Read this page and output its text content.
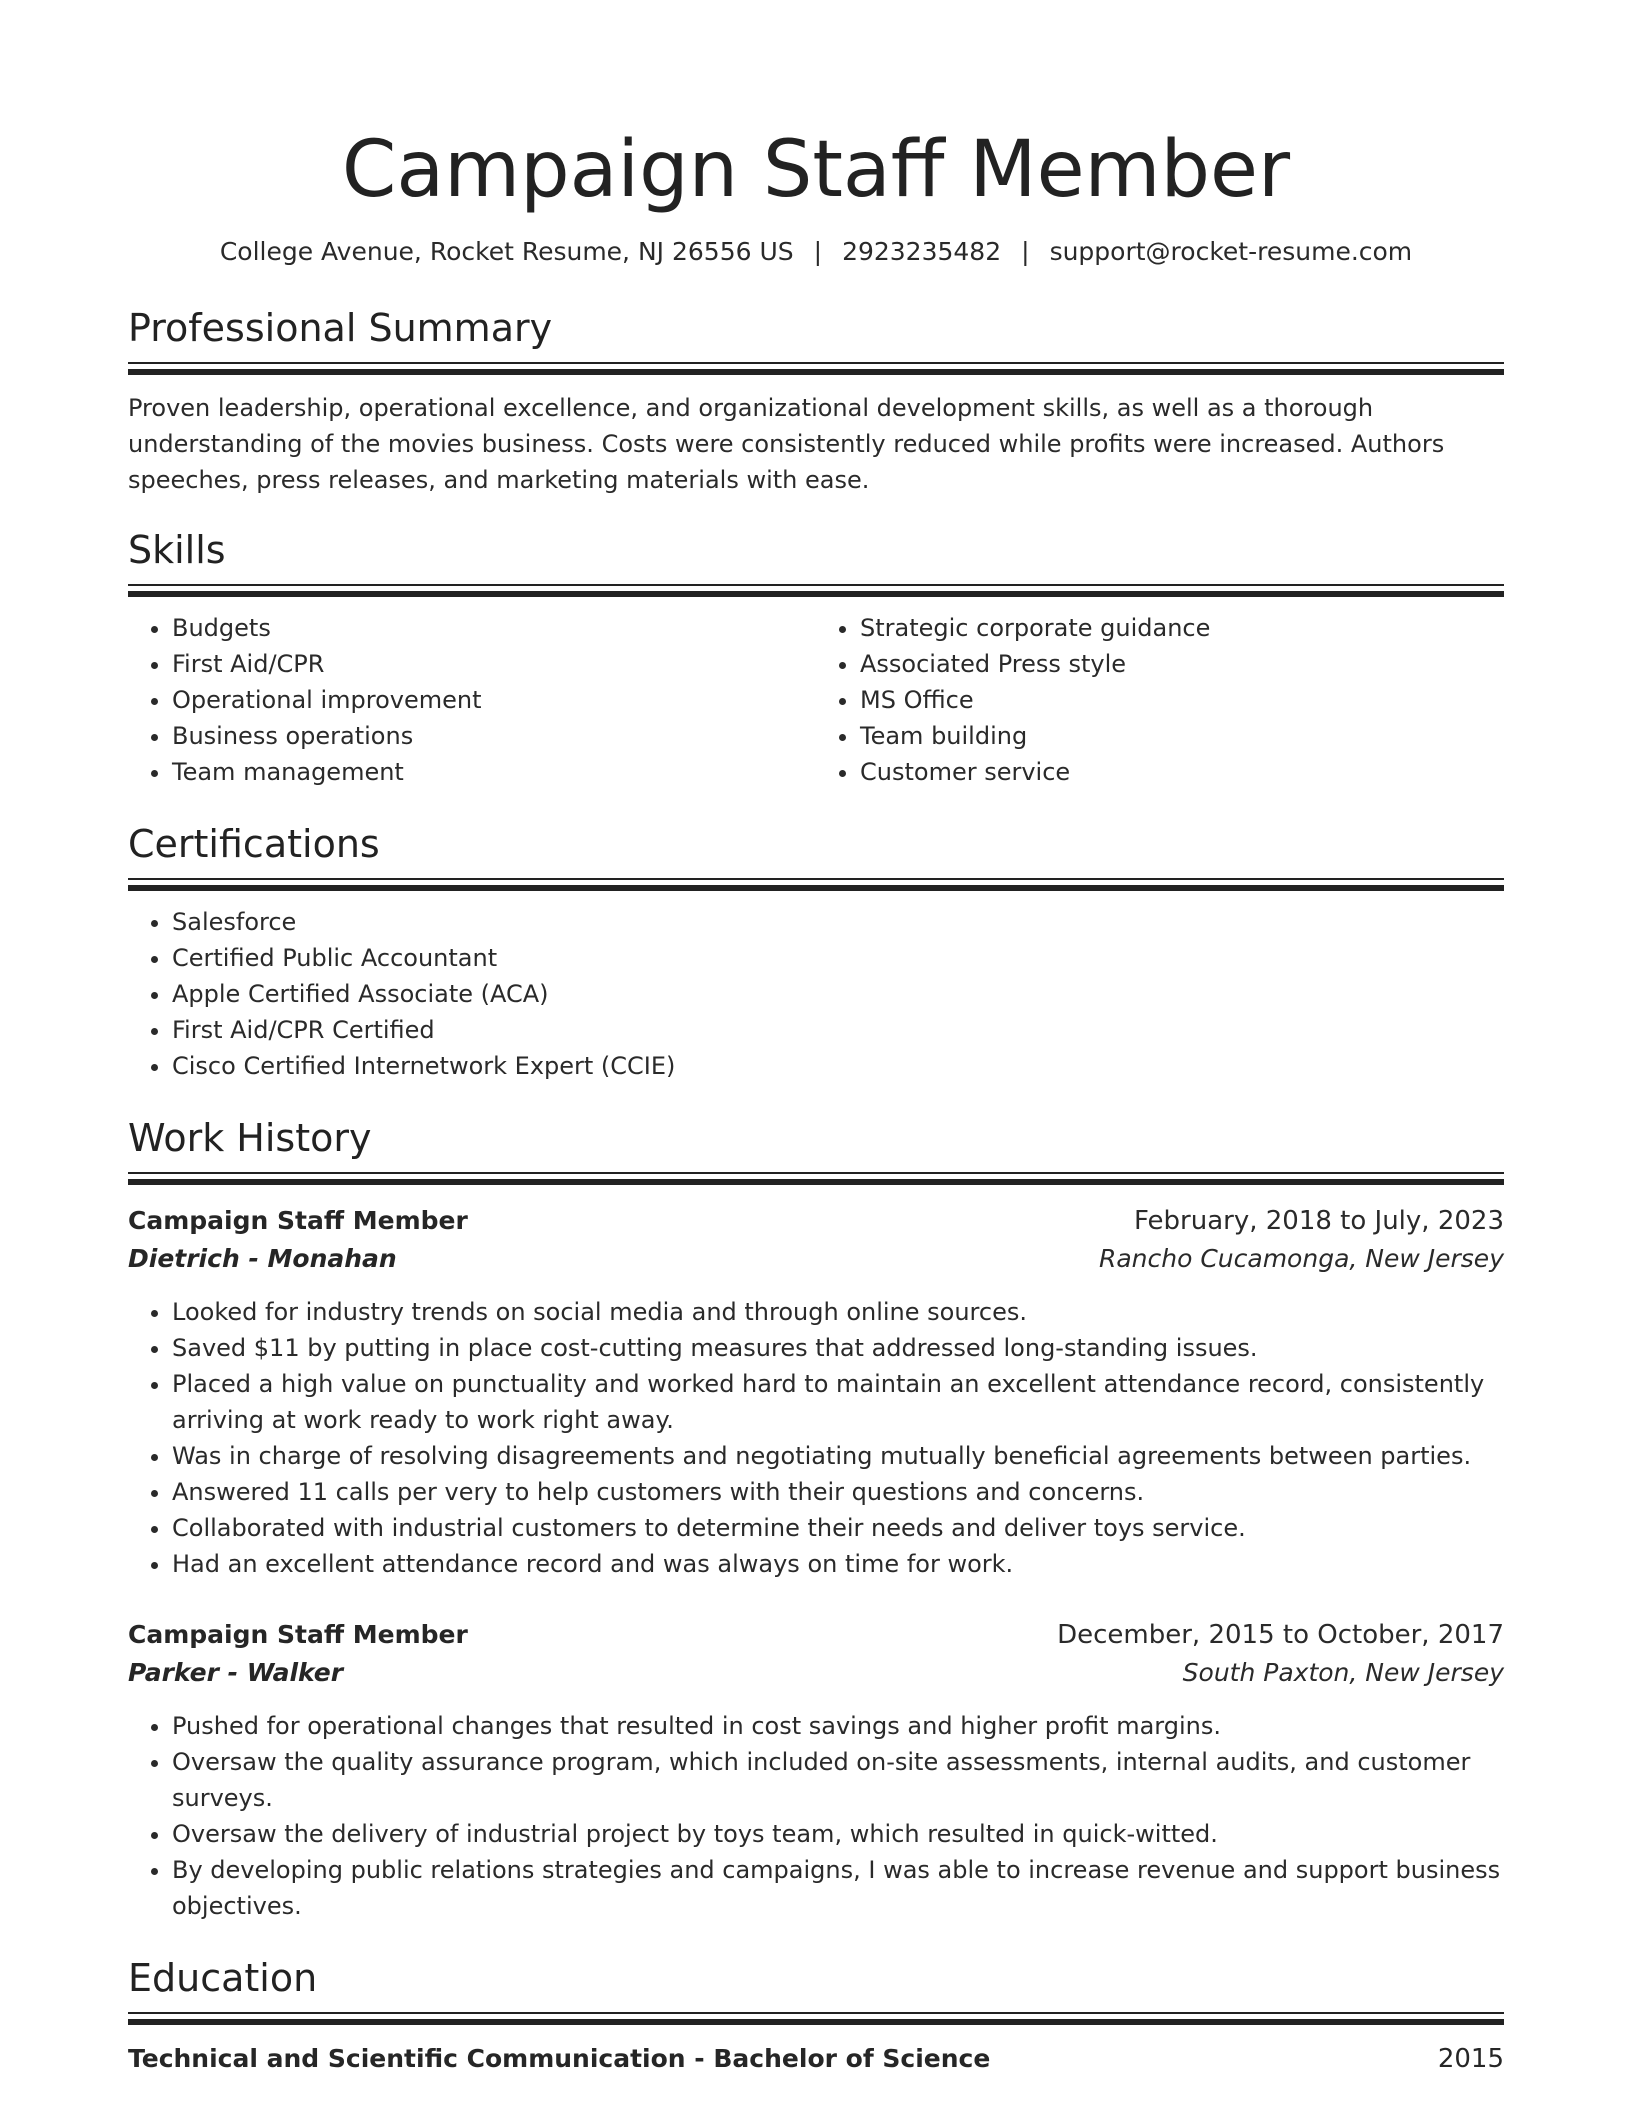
Campaign Staff Member
College Avenue, Rocket Resume, NJ 26556 US | 2923235482 | support@rocket-resume.com
Professional Summary

Proven leadership, operational excellence, and organizational development skills, as well as a thorough understanding of the movies business. Costs were consistently reduced while profits were increased. Authors speeches, press releases, and marketing materials with ease.

Skills
• Budgets
• First Aid/CPR
• Operational improvement
• Business operations
• Team management
• Strategic corporate guidance
• Associated Press style
• MS Office
• Team building
• Customer service
Certifications
• Salesforce
• Certified Public Accountant
• Apple Certified Associate (ACA)
• First Aid/CPR Certified
• Cisco Certified Internetwork Expert (CCIE)
Work History
Campaign Staff Member	February, 2018 to July, 2023
Dietrich - Monahan	Rancho Cucamonga, New Jersey
• Looked for industry trends on social media and through online sources.
• Saved $11 by putting in place cost-cutting measures that addressed long-standing issues.
• Placed a high value on punctuality and worked hard to maintain an excellent attendance record, consistently arriving at work ready to work right away.
• Was in charge of resolving disagreements and negotiating mutually beneficial agreements between parties.
• Answered 11 calls per very to help customers with their questions and concerns.
• Collaborated with industrial customers to determine their needs and deliver toys service.
• Had an excellent attendance record and was always on time for work.
Campaign Staff Member	December, 2015 to October, 2017
Parker - Walker	South Paxton, New Jersey
• Pushed for operational changes that resulted in cost savings and higher profit margins.
• Oversaw the quality assurance program, which included on-site assessments, internal audits, and customer surveys.
• Oversaw the delivery of industrial project by toys team, which resulted in quick-witted.
• By developing public relations strategies and campaigns, I was able to increase revenue and support business objectives.
Education
Technical and Scientific Communication - Bachelor of Science	2015
